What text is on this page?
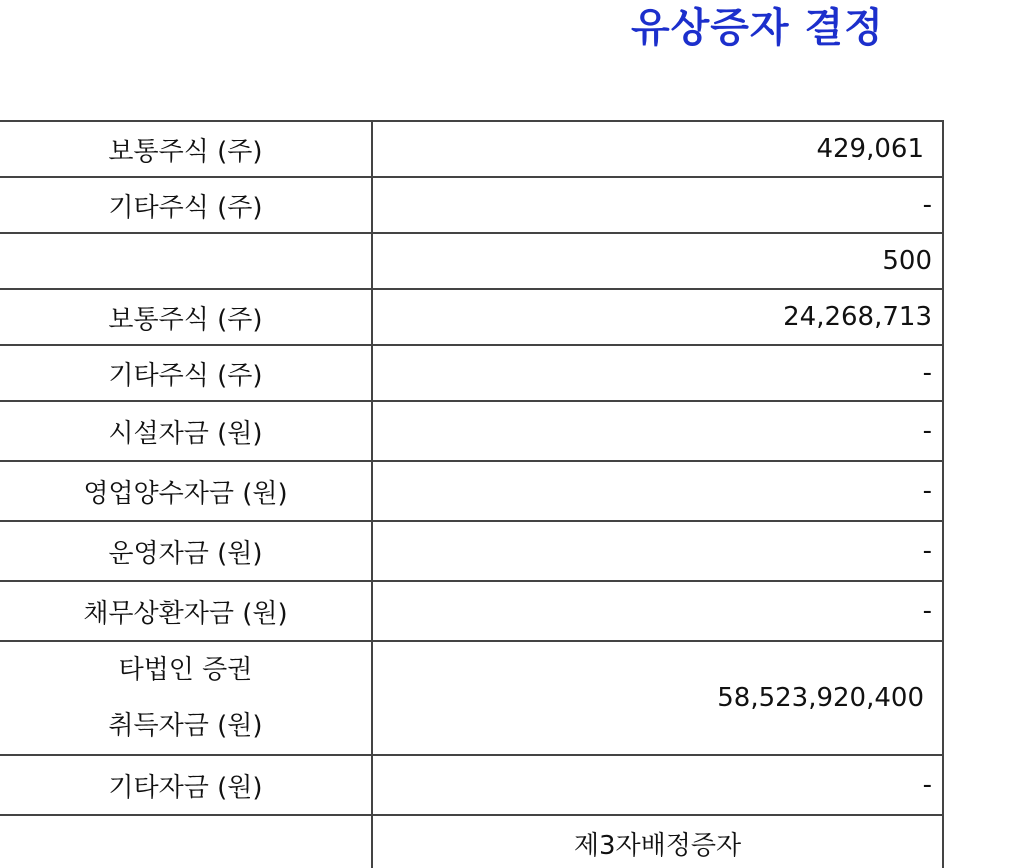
유상증자 결정
보통주식 (주)	429,061
기타주식 (주)	-
	500
보통주식 (주)	24,268,713
기타주식 (주)	-
시설자금 (원)	-
영업양수자금 (원)	-
운영자금 (원)	-
채무상환자금 (원)	-

타법인 증권
취득자금 (원)	58,523,920,400
기타자금 (원)	-
	제3자배정증자
